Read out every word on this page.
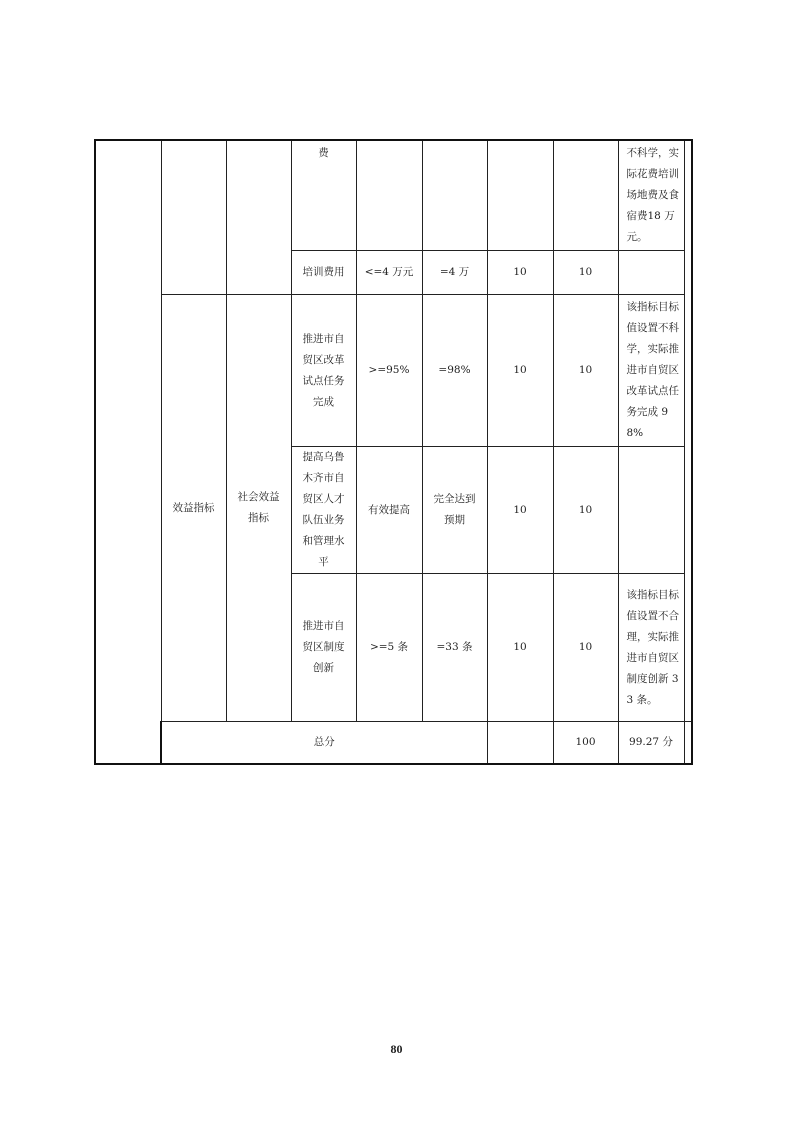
			费					不科学，实际花费培训场地费及食宿费18 万元。	
			培训费用	<=4 万元	=4 万	10	10		
	效益指标	社会效益指标	推进市自贸区改革试点任务完成	>=95%	=98%	10	10	该指标目标值设置不科学，实际推进市自贸区改革试点任务完成 98%	
			提高乌鲁木齐市自贸区人才队伍业务和管理水平	有效提高	完全达到预期	10	10		
			推进市自贸区制度创新	>=5 条	=33 条	10	10	该指标目标值设置不合理，实际推进市自贸区制度创新 33 条。	
	总分						100	99.27 分	
80
